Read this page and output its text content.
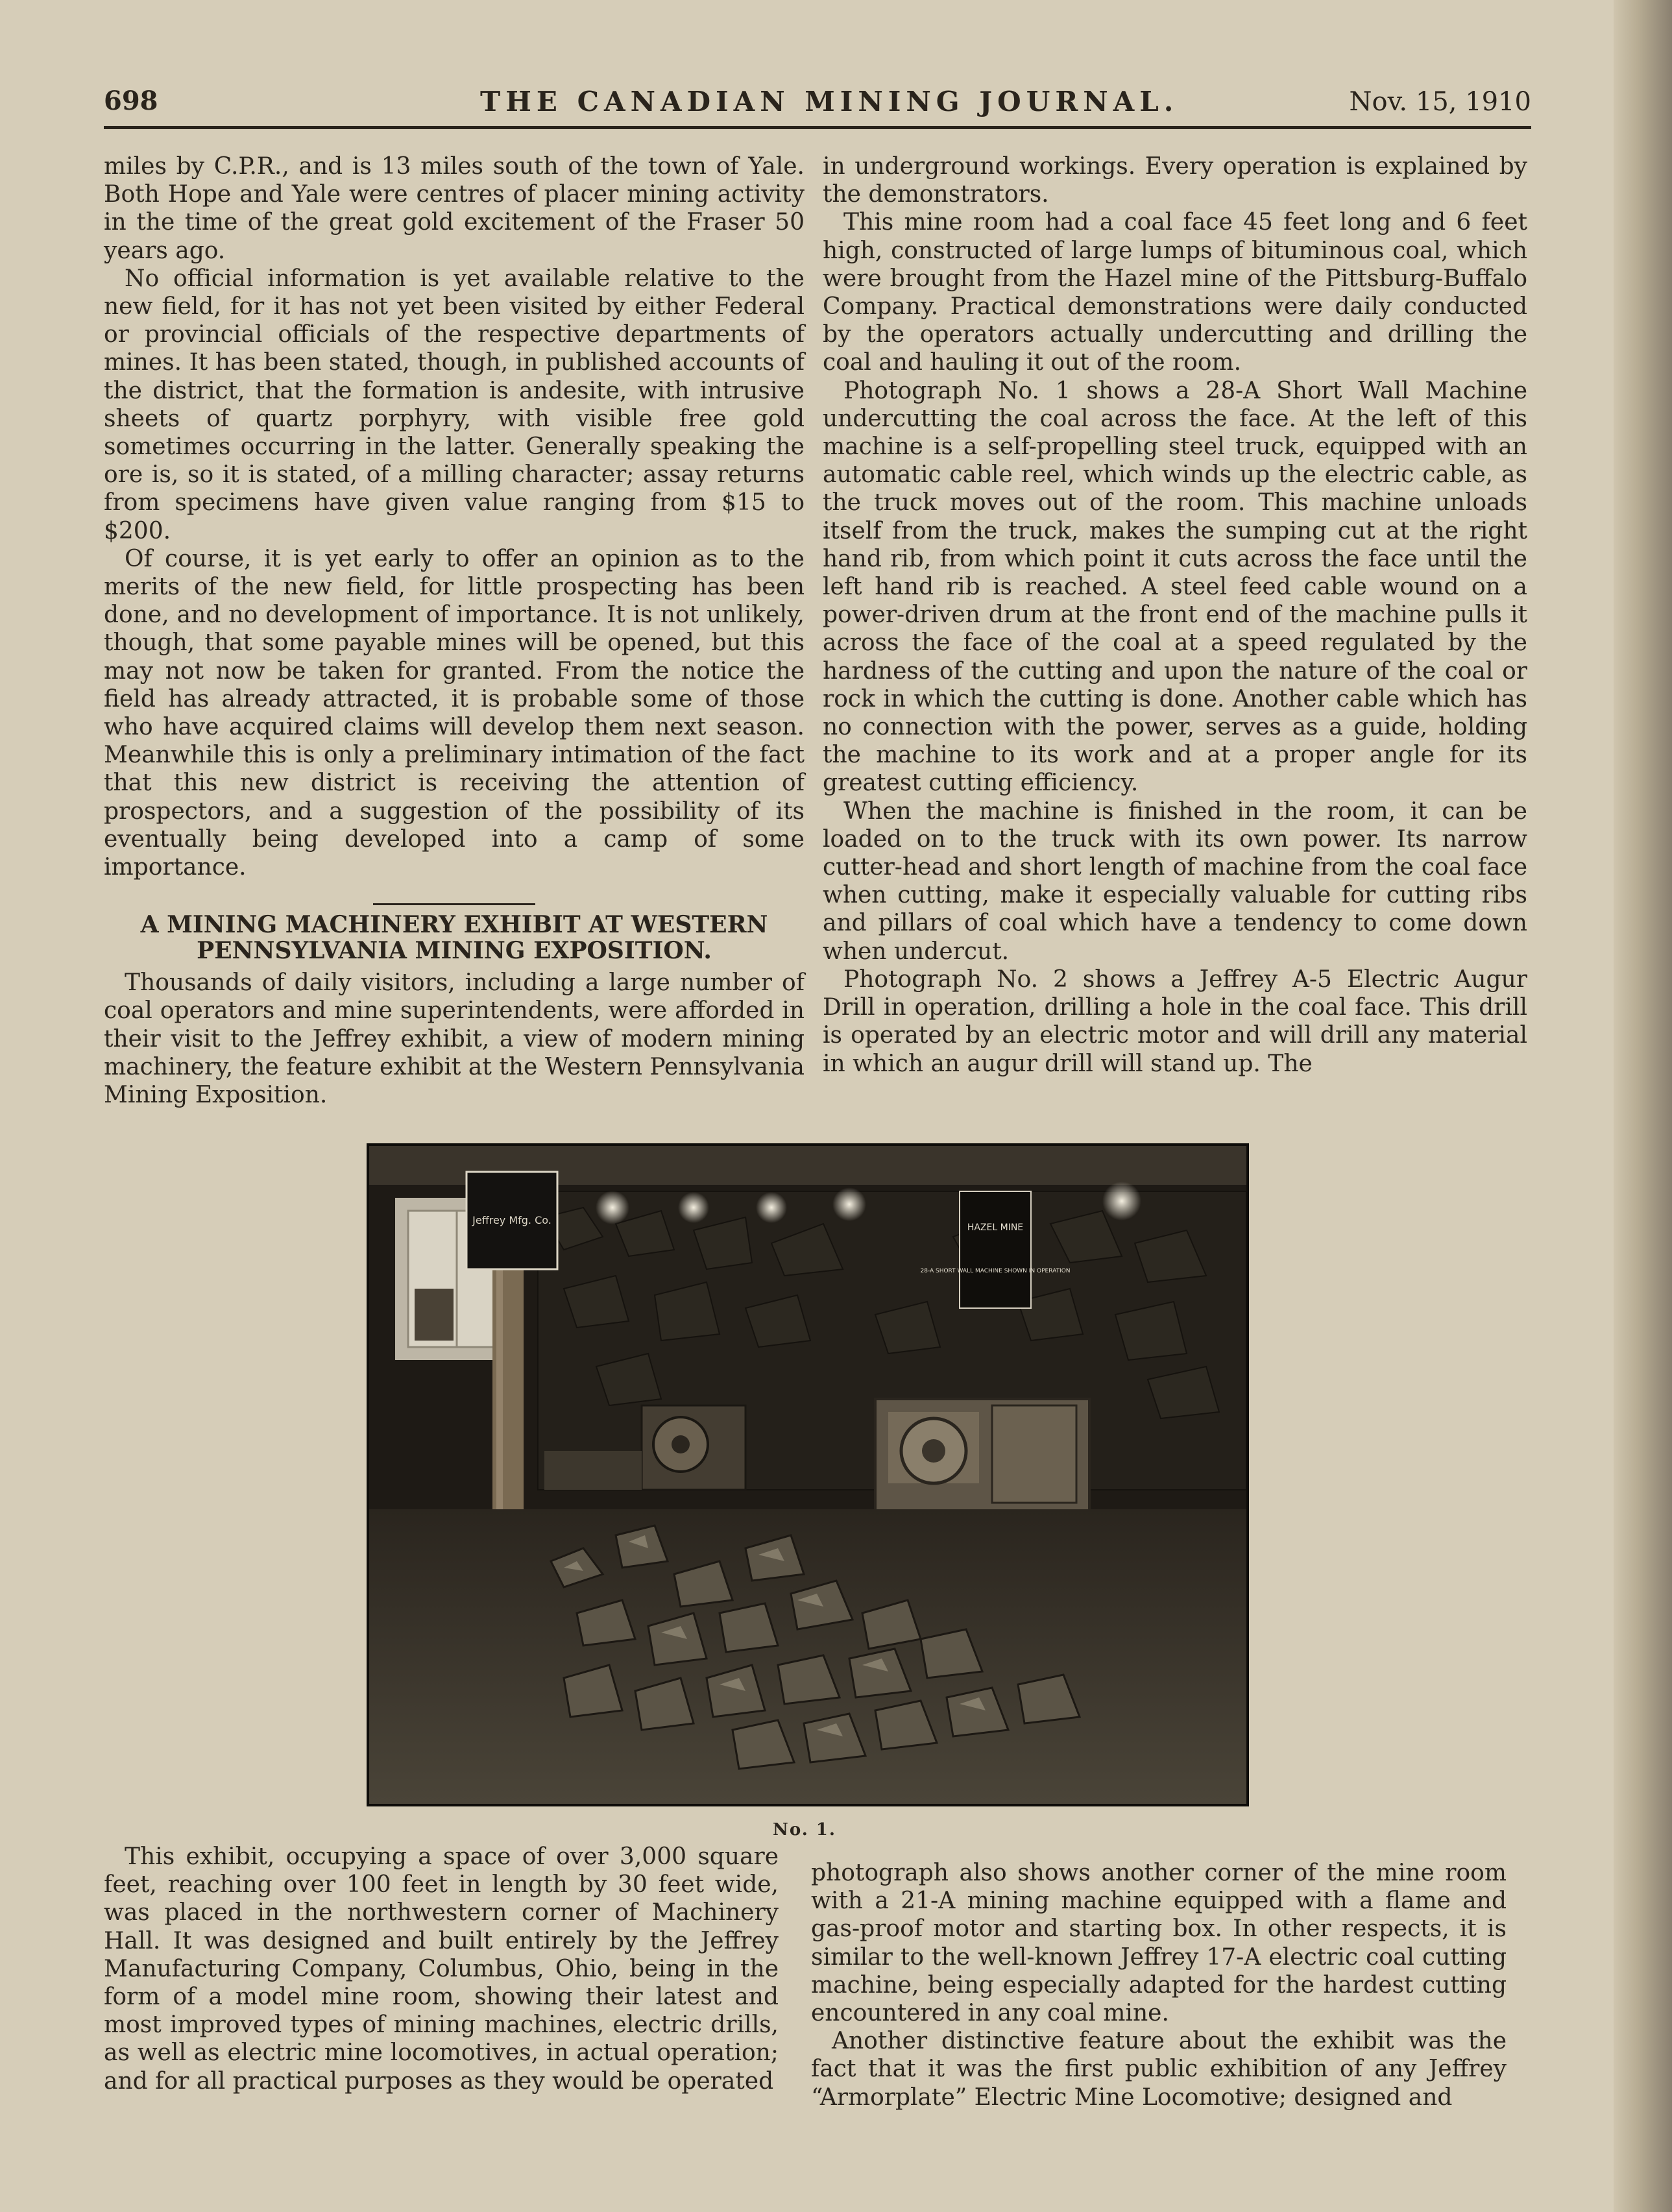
698	THE CANADIAN MINING JOURNAL.	Nov. 15, 1910

miles by C.P.R., and is 13 miles south of the town of Yale. Both Hope and Yale were centres of placer mining activity in the time of the great gold excitement of the Fraser 50 years ago.

No official information is yet available relative to the new field, for it has not yet been visited by either Federal or provincial officials of the respective departments of mines. It has been stated, though, in published accounts of the district, that the formation is andesite, with intrusive sheets of quartz porphyry, with visible free gold sometimes occurring in the latter. Generally speaking the ore is, so it is stated, of a milling character; assay returns from specimens have given value ranging from $15 to $200.

Of course, it is yet early to offer an opinion as to the merits of the new field, for little prospecting has been done, and no development of importance. It is not unlikely, though, that some payable mines will be opened, but this may not now be taken for granted. From the notice the field has already attracted, it is probable some of those who have acquired claims will develop them next season. Meanwhile this is only a preliminary intimation of the fact that this new district is receiving the attention of prospectors, and a suggestion of the possibility of its eventually being developed into a camp of some importance.

A MINING MACHINERY EXHIBIT AT WESTERN PENNSYLVANIA MINING EXPOSITION.

Thousands of daily visitors, including a large number of coal operators and mine superintendents, were afforded in their visit to the Jeffrey exhibit, a view of modern mining machinery, the feature exhibit at the Western Pennsylvania Mining Exposition.

in underground workings. Every operation is explained by the demonstrators.

This mine room had a coal face 45 feet long and 6 feet high, constructed of large lumps of bituminous coal, which were brought from the Hazel mine of the Pittsburg-Buffalo Company. Practical demonstrations were daily conducted by the operators actually undercutting and drilling the coal and hauling it out of the room.

Photograph No. 1 shows a 28-A Short Wall Machine undercutting the coal across the face. At the left of this machine is a self-propelling steel truck, equipped with an automatic cable reel, which winds up the electric cable, as the truck moves out of the room. This machine unloads itself from the truck, makes the sumping cut at the right hand rib, from which point it cuts across the face until the left hand rib is reached. A steel feed cable wound on a power-driven drum at the front end of the machine pulls it across the face of the coal at a speed regulated by the hardness of the cutting and upon the nature of the coal or rock in which the cutting is done. Another cable which has no connection with the power, serves as a guide, holding the machine to its work and at a proper angle for its greatest cutting efficiency.

When the machine is finished in the room, it can be loaded on to the truck with its own power. Its narrow cutter-head and short length of machine from the coal face when cutting, make it especially valuable for cutting ribs and pillars of coal which have a tendency to come down when undercut.

Photograph No. 2 shows a Jeffrey A-5 Electric Augur Drill in operation, drilling a hole in the coal face. This drill is operated by an electric motor and will drill any material in which an augur drill will stand up. The

Jeffrey Mfg. Co.
HAZEL MINE
28-A SHORT WALL MACHINE SHOWN IN OPERATION
No. 1.

This exhibit, occupying a space of over 3,000 square feet, reaching over 100 feet in length by 30 feet wide, was placed in the northwestern corner of Machinery Hall. It was designed and built entirely by the Jeffrey Manufacturing Company, Columbus, Ohio, being in the form of a model mine room, showing their latest and most improved types of mining machines, electric drills, as well as electric mine locomotives, in actual operation; and for all practical purposes as they would be operated

photograph also shows another corner of the mine room with a 21-A mining machine equipped with a flame and gas-proof motor and starting box. In other respects, it is similar to the well-known Jeffrey 17-A electric coal cutting machine, being especially adapted for the hardest cutting encountered in any coal mine.

Another distinctive feature about the exhibit was the fact that it was the first public exhibition of any Jeffrey “Armorplate” Electric Mine Locomotive; designed and
